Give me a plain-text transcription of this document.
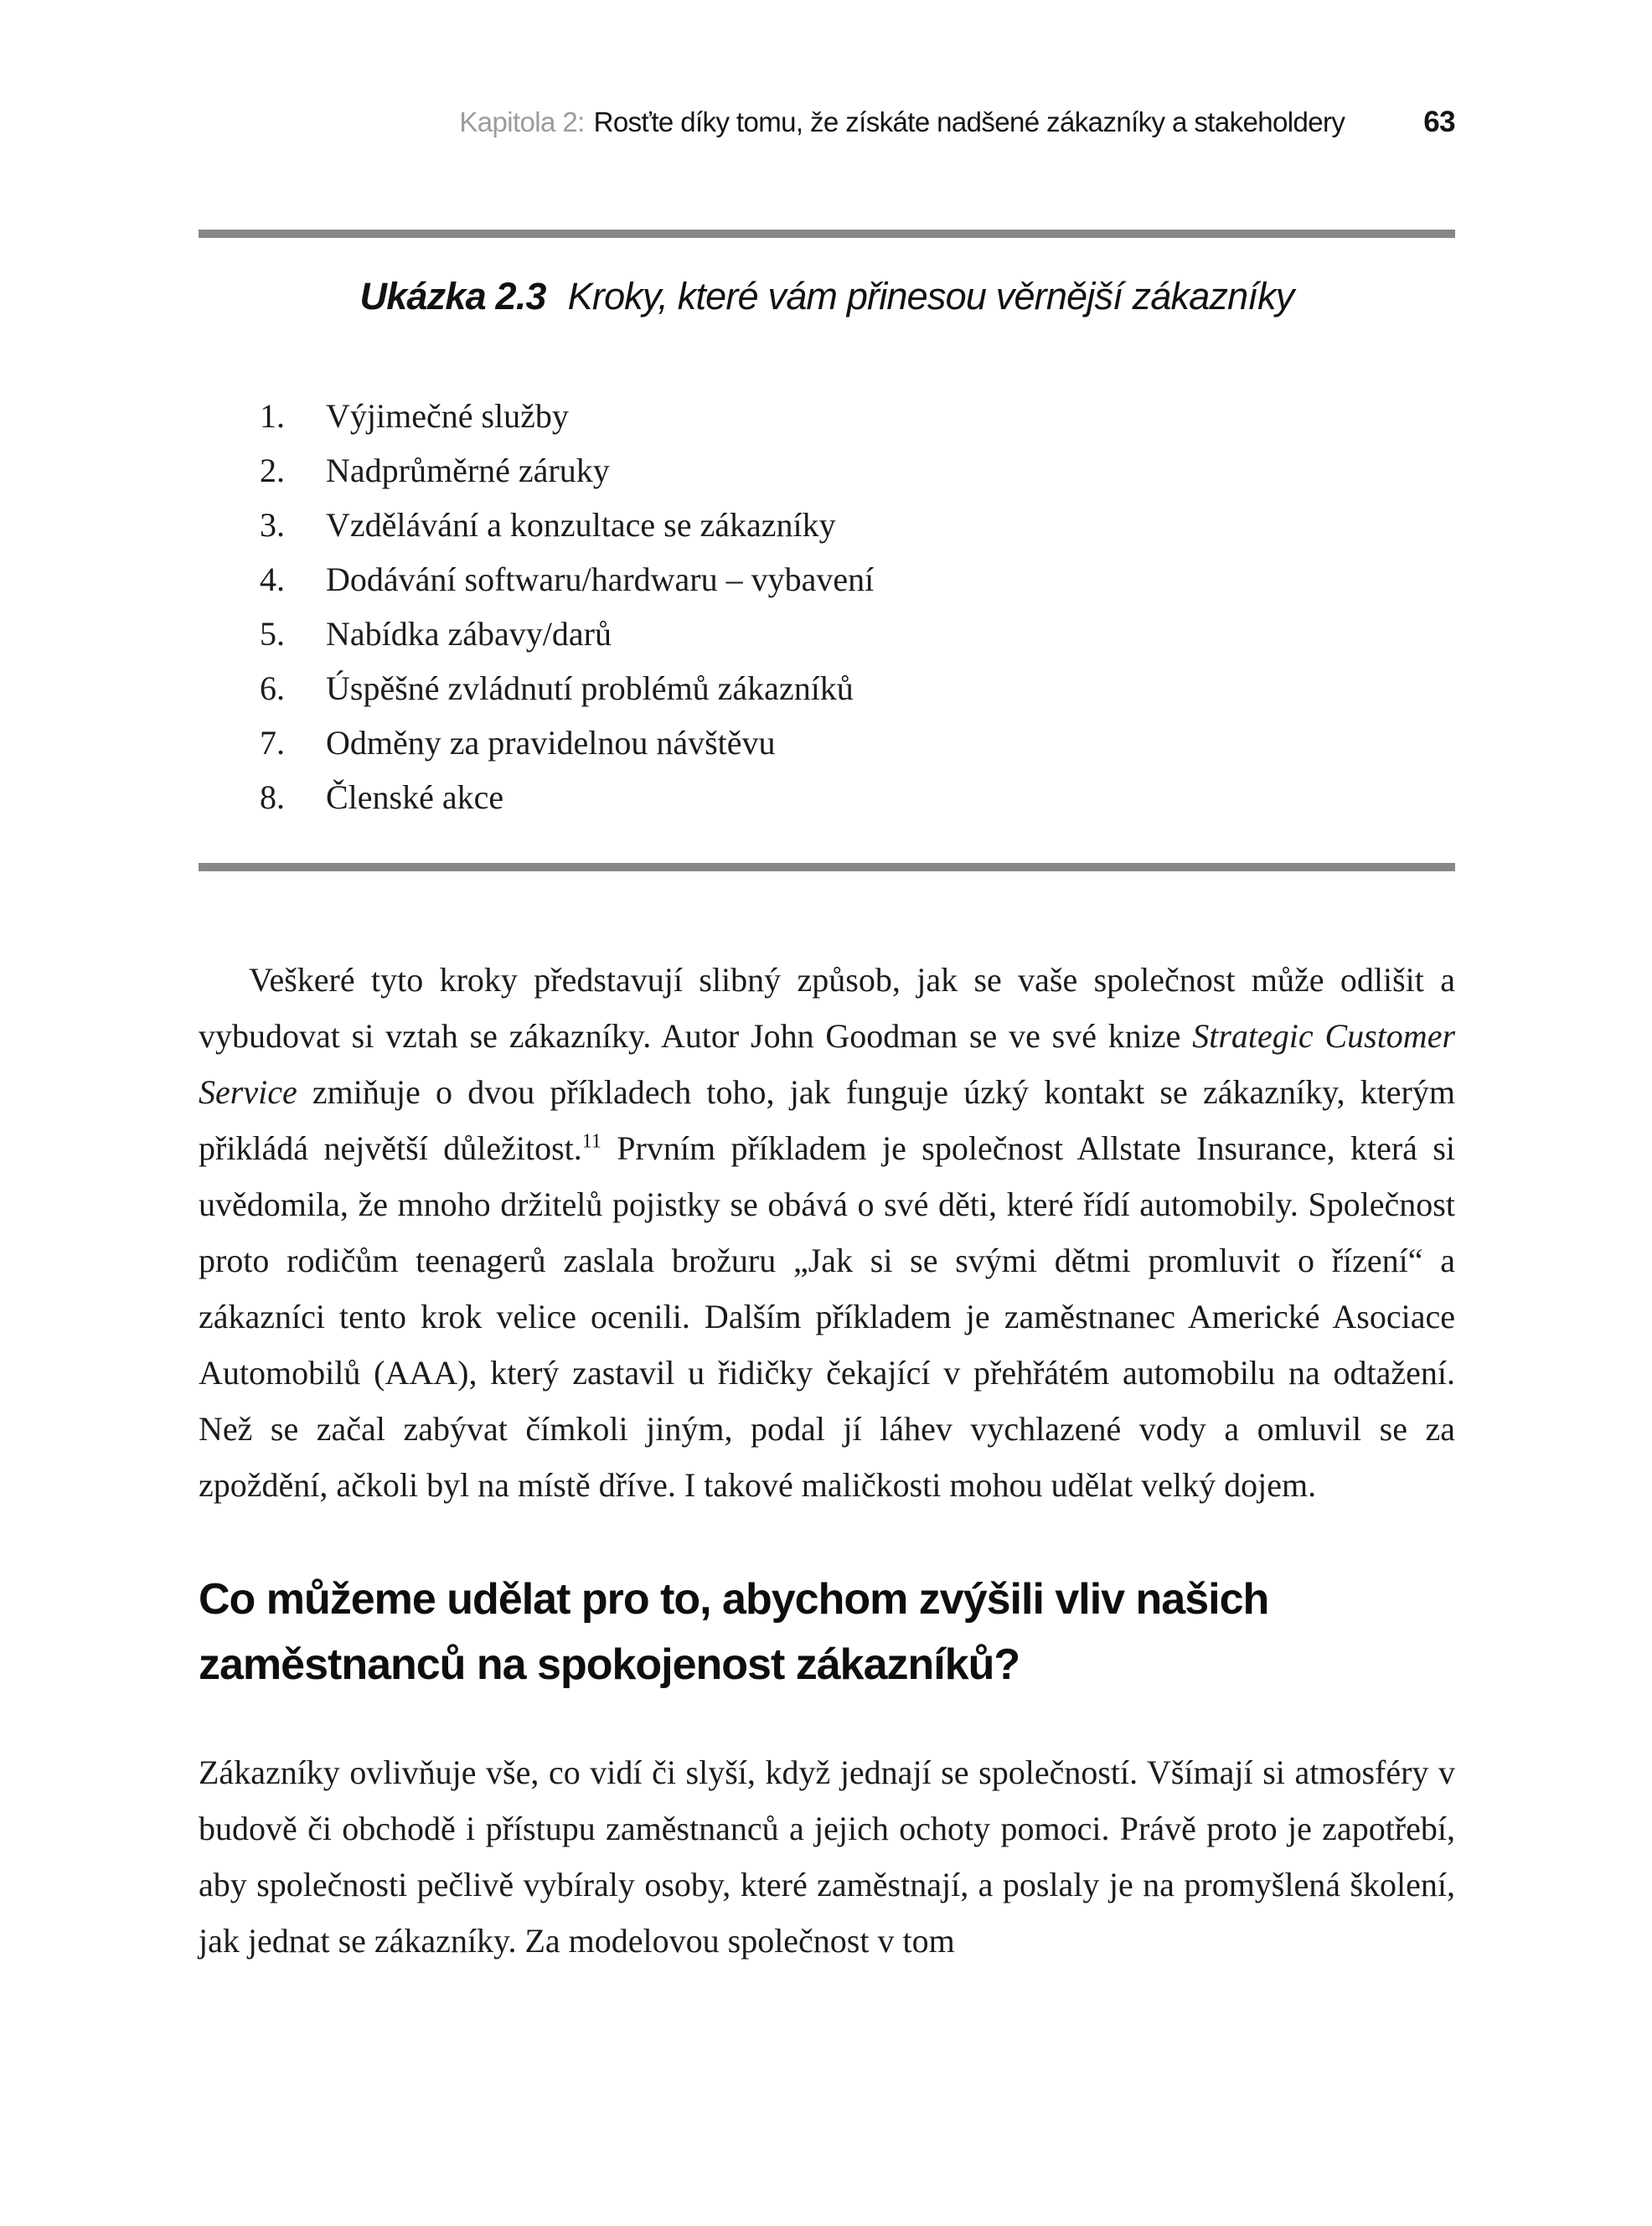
Kapitola 2: Rosťte díky tomu, že získáte nadšené zákazníky a stakeholdery	63
Ukázka 2.3 Kroky, které vám přinesou věrnější zákazníky
1.	Výjimečné služby
2.	Nadprůměrné záruky
3.	Vzdělávání a konzultace se zákazníky
4.	Dodávání softwaru/hardwaru – vybavení
5.	Nabídka zábavy/darů
6.	Úspěšné zvládnutí problémů zákazníků
7.	Odměny za pravidelnou návštěvu
8.	Členské akce

Veškeré tyto kroky představují slibný způsob, jak se vaše společnost může odlišit a vybudovat si vztah se zákazníky. Autor John Goodman se ve své knize Strategic Customer Service zmiňuje o dvou příkladech toho, jak funguje úzký kontakt se zákazníky, kterým přikládá největší důležitost.$^{11}$ Prvním příkladem je společnost Allstate Insurance, která si uvědomila, že mnoho držitelů pojistky se obává o své děti, které řídí automobily. Společnost proto rodičům teenagerů zaslala brožuru „Jak si se svými dětmi promluvit o řízení“ a zákazníci tento krok velice ocenili. Dalším příkladem je zaměstnanec Americké Asociace Automobilů (AAA), který zastavil u řidičky čekající v přehřátém automobilu na odtažení. Než se začal zabývat čímkoli jiným, podal jí láhev vychlazené vody a omluvil se za zpoždění, ačkoli byl na místě dříve. I takové maličkosti mohou udělat velký dojem.

Co můžeme udělat pro to, abychom zvýšili vliv našich
zaměstnanců na spokojenost zákazníků?

Zákazníky ovlivňuje vše, co vidí či slyší, když jednají se společností. Všímají si atmosféry v budově či obchodě i přístupu zaměstnanců a jejich ochoty pomoci. Právě proto je zapotřebí, aby společnosti pečlivě vybíraly osoby, které zaměstnají, a poslaly je na promyšlená školení, jak jednat se zákazníky. Za modelovou společnost v tom
